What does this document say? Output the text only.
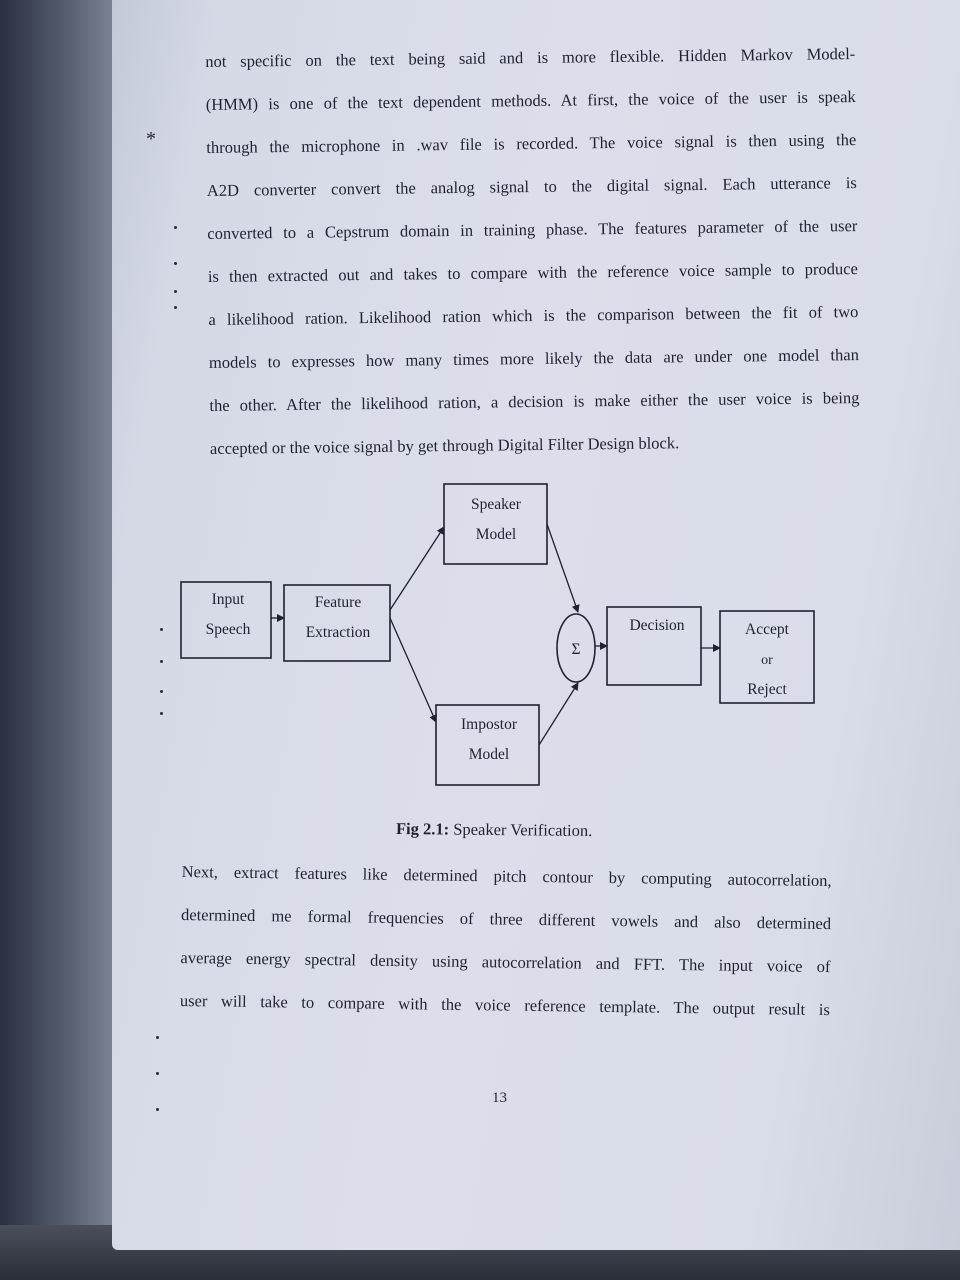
*
not specific on the text being said and is more flexible. Hidden Markov Model-
(HMM) is one of the text dependent methods. At first, the voice of the user is speak
through the microphone in .wav file is recorded. The voice signal is then using the
A2D converter convert the analog signal to the digital signal. Each utterance is
converted to a Cepstrum domain in training phase. The features parameter of the user
is then extracted out and takes to compare with the reference voice sample to produce
a likelihood ration. Likelihood ration which is the comparison between the fit of two
models to expresses how many times more likely the data are under one model than
the other. After the likelihood ration, a decision is make either the user voice is being
accepted or the voice signal by get through Digital Filter Design block.
Input
Speech
Feature
Extraction
Speaker
Model
Impostor
Model
Σ
Decision	Accept
or
Reject
Fig 2.1: Speaker Verification.
Next, extract features like determined pitch contour by computing autocorrelation,
determined me formal frequencies of three different vowels and also determined
average energy spectral density using autocorrelation and FFT. The input voice of
user will take to compare with the voice reference template. The output result is
13
